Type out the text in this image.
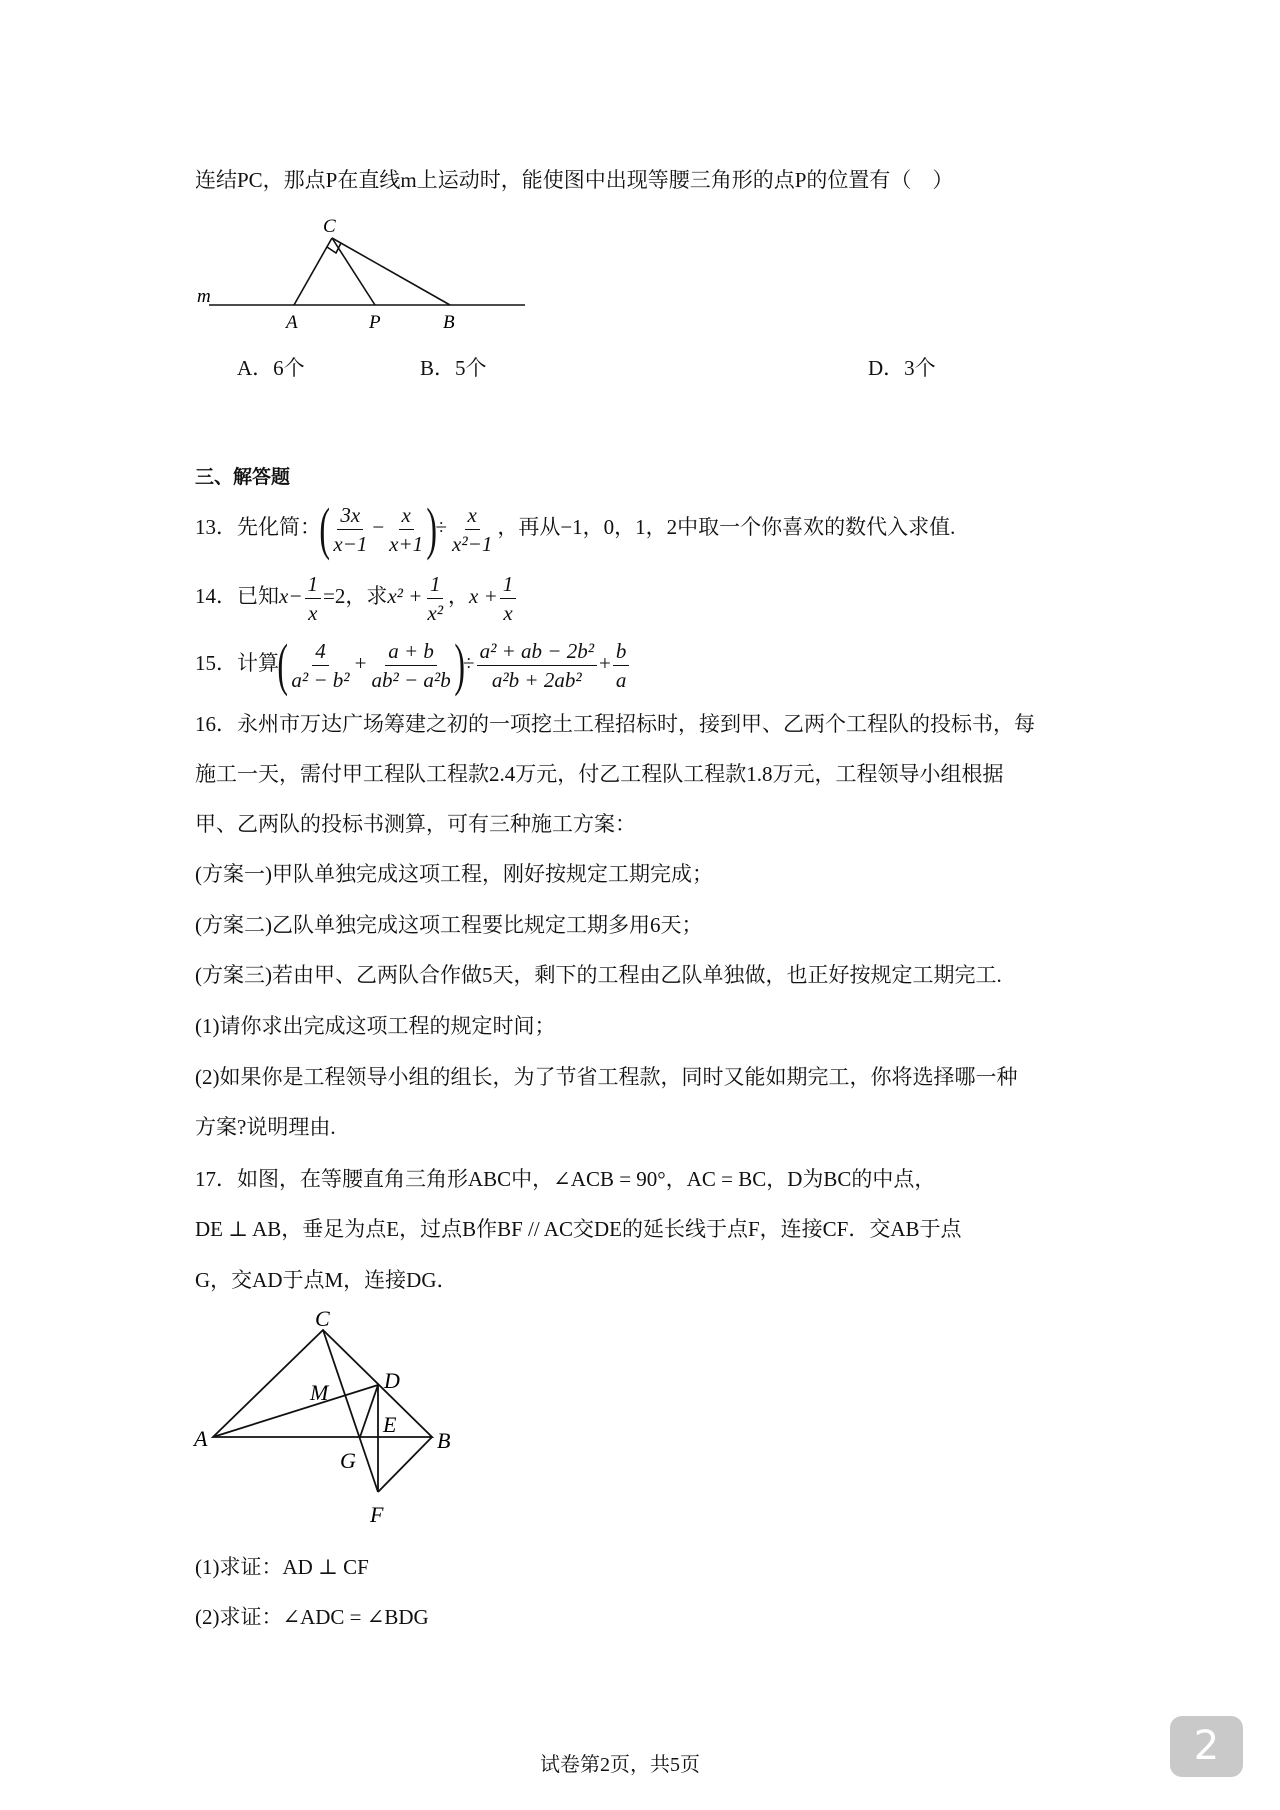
连结PC，那点P在直线m上运动时，能使图中出现等腰三角形的点P的位置有（　）
m
A	P	B
C
A．6个	B．5个	D．3个
三、解答题
13．先化简：( $\frac{3x}{x-1} - \frac{x}{x+1}$ )÷ $\frac{x}{\text{x²−1}}$ ，再从−1，0，1，2中取一个你喜欢的数代入求值.
14．已知$x- \frac{1}{x} =2$，求$x^2 + \frac{1}{\text{x²}}$ ，$x + \frac{1}{x}$
15．计算( $\frac{4}{\text{a² − b²}} + \frac{a + b}{\text{ab² − a²b}}$ )÷ $\frac{\text{a² + ab − 2b²}}{\text{a²b + 2ab²}} + \frac{b}{a}$
16．永州市万达广场筹建之初的一项挖土工程招标时，接到甲、乙两个工程队的投标书，每
施工一天，需付甲工程队工程款2.4万元，付乙工程队工程款1.8万元，工程领导小组根据
甲、乙两队的投标书测算，可有三种施工方案：
(方案一)甲队单独完成这项工程，刚好按规定工期完成；
(方案二)乙队单独完成这项工程要比规定工期多用6天；
(方案三)若由甲、乙两队合作做5天，剩下的工程由乙队单独做，也正好按规定工期完工.
(1)请你求出完成这项工程的规定时间；
(2)如果你是工程领导小组的组长，为了节省工程款，同时又能如期完工，你将选择哪一种
方案?说明理由.
17．如图，在等腰直角三角形ABC中，∠ACB = 90°，AC = BC，D为BC的中点，
DE ⊥ AB，垂足为点E，过点B作BF // AC交DE的延长线于点F，连接CF．交AB于点
G，交AD于点M，连接DG．
C
A	B
D
E
G
F
M
(1)求证：AD ⊥ CF
(2)求证：∠ADC = ∠BDG
试卷第2页，共5页	2
